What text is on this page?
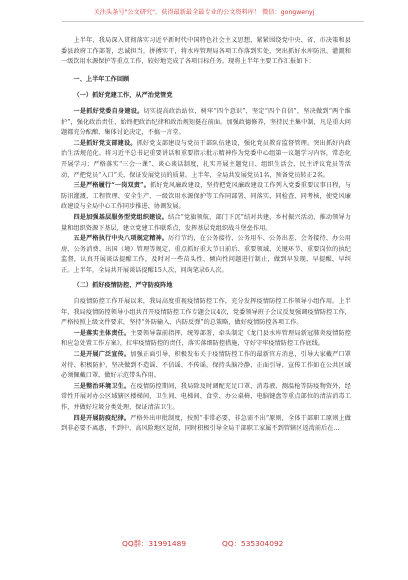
关注头条号"公文研究"，获得最新最全最专业的公文资料库！ 微信：gongwenyj

上半年，我局深入贯彻落实习近平新时代中国特色社会主义思想，紧紧围绕党中央、省、市决策和县委县政府工作部署，忠诚担当，拼搏实干，将水库管理局各项工作落到实处，突出抓好水库防汛、灌溉和一级饮用水源保护等重点工作，较好地完成了各项目标任务。现将上半年主要工作汇报如下：

一、上半年工作回顾
（一）抓好党建工作，从严治党管党

一是抓好党委自身建设。切实提高政治站位，树牢“四个意识”，坚定“四个自信”，坚决做到“两个维护”，强化政治责任，始终把政治纪律和政治规矩挺在前面。加强政德修养，坚持民主集中制，凡是重大问题都充分酝酿、集体讨论决定，不搞一言堂。

二是抓好党支部建设。抓好党支部建设与党员干部队伍建设，强化党员教育监督管理。突出抓好内政治生活规范化。将习近平总书记重要讲话和重要指示批示精神作为党委中心组第一议题学习内容，常态化开展学习；严格落实“三会一课”、谈心谈话制度，扎实开展主题党日、组织生活会、民主评议党员等活动，严把党员“入口”关，保证发展党员的质量。上半年，全局共发展党员1名，预备党员转正2名。

三是严格履行“一岗双责”。抓好党风廉政建设，坚持把党风廉政建设工作列入党委重要议事日程，与防汛灌溉、工程管理、安全生产、一级饮用水源保护等工作同部署、同落实、同检查、同考核，使党风廉政建设与全局中心工作同步推进、协调发展。

四是加强基层服务型党组织建设。结合“党旗领航、部门下沉”结对共建，乡村振兴活动，推动领导力量和组织资源下基层，建立党建工作联系点，发挥基层党组织战斗堡垒作用。

五是严格执行中央八项规定精神。厉行节约，在公务接待、公务用车、公务出差、会务接待、办公用房、公务消费、出国（境）管理等规定，重点抓好重大节日前后、重要领域、关键环节、重要岗位的执纪监督，认真开展谈话提醒工作，及时对一些苗头性、倾向性问题进行制止，做到早发现、早提醒、早纠正。上半年，全局共开展谈话提醒15人次，问询笔录6人次。

（二）抓好疫情防控，严守防疫阵地

自疫情防控工作开展以来，我局高度重视疫情防控工作，充分发挥疫情防控工作领导小组作用。上半年，我局疫情防控领导小组共召开疫情防控工作专题会议4次，党委领导班子会议反复强调疫情防控工作，严格按照上级文件要求，坚持“外防输入、内防反弹”的总策略，做好疫情防控各项工作。

一是落实主体责任。主要领导靠前指挥，统筹部署，牵头制定《龙门县水库管理局新冠肺炎疫情防控和应急处置工作方案》，扛牢疫情防控的责任，落实落细防控措施，守好守牢疫情防控工作底线。

二是开展广泛宣传。加强正面引导，积极发布关于疫情防控工作的最新官方消息，引导大家戴严口罩对待、积极防护，坚决做到不造谣、不信谣、不传谣，保持头脑冷静、正面引导，宣传工作如在公共区域必须佩戴口罩，做好示范带头作用。

三是整治环境卫生。在疫情防控期间，我局除及时调配充足口罩、消毒液、测温枪等防疫物资外，经常性开展对办公区域辖区楼梯间，卫生间、电梯间、食堂、办公桌椅、电脑键盘等重点部位的清洁消毒工作，并做好垃圾分类处理，保证清洁卫生。

四是开展防疫纪律。严格外出审批制度，按照“非常必要、非急需不出”原则，全体干部职工原则上做到非必要不离惠，不到中、高风险地区逗留，同时积极引导全局干部职工家属不到管辖区返湾前后在...

QQ群：31991489	QQ：535304092
